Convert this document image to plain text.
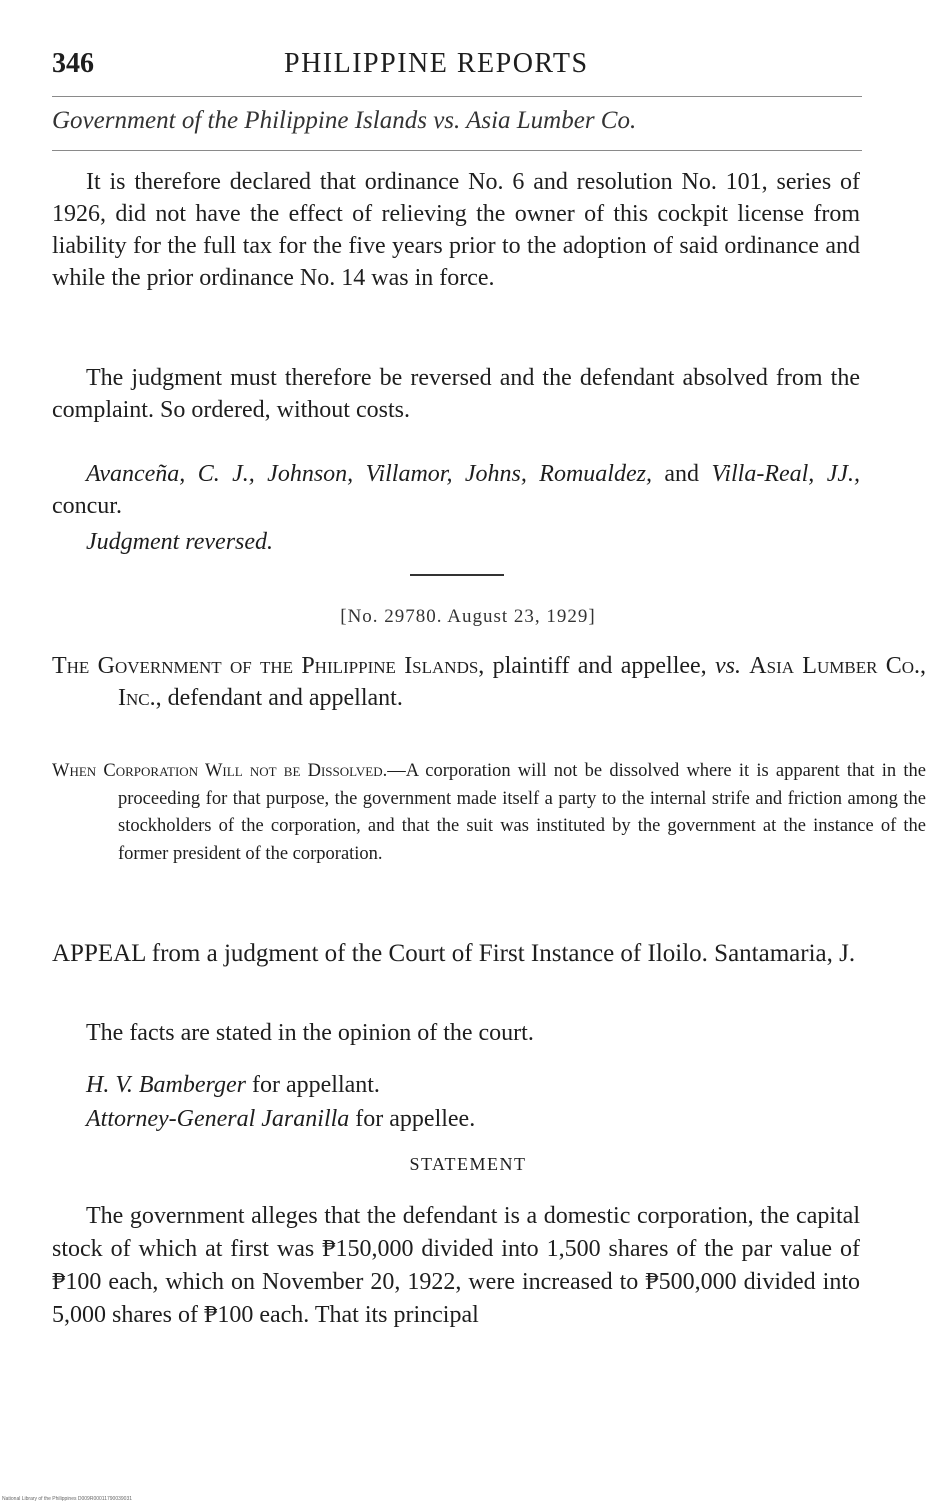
346	PHILIPPINE REPORTS
Government of the Philippine Islands vs. Asia Lumber Co.

It is therefore declared that ordinance No. 6 and resolution No. 101, series of 1926, did not have the effect of relieving the owner of this cockpit license from liability for the full tax for the five years prior to the adoption of said ordinance and while the prior ordinance No. 14 was in force.

The judgment must therefore be reversed and the defendant absolved from the complaint. So ordered, without costs.

Avanceña, C. J., Johnson, Villamor, Johns, Romualdez, and Villa-Real, JJ., concur.

Judgment reversed.

[No. 29780. August 23, 1929]

The Government of the Philippine Islands, plaintiff and appellee, vs. Asia Lumber Co., Inc., defendant and appellant.

When Corporation Will not be Dissolved.—A corporation will not be dissolved where it is apparent that in the proceeding for that purpose, the government made itself a party to the internal strife and friction among the stockholders of the corporation, and that the suit was instituted by the government at the instance of the former president of the corporation.

APPEAL from a judgment of the Court of First Instance of Iloilo. Santamaria, J.

The facts are stated in the opinion of the court.
H. V. Bamberger for appellant.
Attorney-General Jaranilla for appellee.
STATEMENT

The government alleges that the defendant is a domestic corporation, the capital stock of which at first was ₱150,000 divided into 1,500 shares of the par value of ₱100 each, which on November 20, 1922, were increased to ₱500,000 divided into 5,000 shares of ₱100 each. That its principal

National Library of the Philippines D009R00011790039031
